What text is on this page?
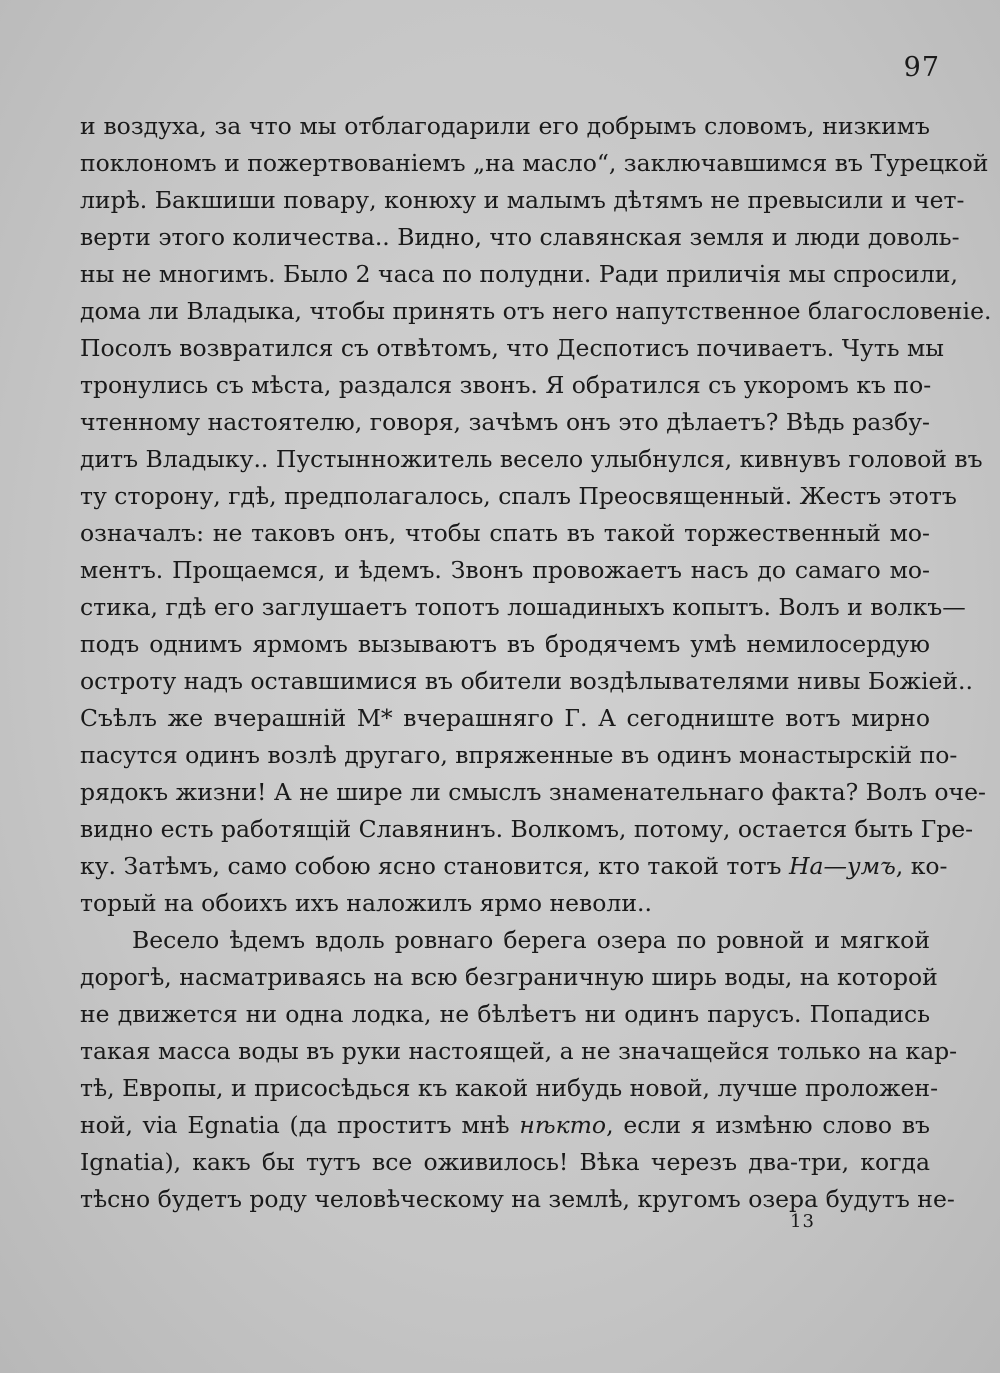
97
и воздуха, за что мы отблагодарили его добрымъ словомъ, низкимъ
поклономъ и пожертвованіемъ „на масло“, заключавшимся въ Турецкой
лирѣ. Бакшиши повару, конюху и малымъ дѣтямъ не превысили и чет-
верти этого количества.. Видно, что славянская земля и люди доволь-
ны не многимъ. Было 2 часа по полудни. Ради приличія мы спросили,
дома ли Владыка, чтобы принять отъ него напутственное благословеніе.
Посолъ возвратился съ отвѣтомъ, что Деспотисъ почиваетъ. Чуть мы
тронулись съ мѣста, раздался звонъ. Я обратился съ укоромъ къ по-
чтенному настоятелю, говоря, зачѣмъ онъ это дѣлаетъ? Вѣдь разбу-
дитъ Владыку.. Пустынножитель весело улыбнулся, кивнувъ головой въ
ту сторону, гдѣ, предполагалось, спалъ Преосвященный. Жестъ этотъ
означалъ: не таковъ онъ, чтобы спать въ такой торжественный мо-
ментъ. Прощаемся, и ѣдемъ. Звонъ провожаетъ насъ до самаго мо-
стика, гдѣ его заглушаетъ топотъ лошадиныхъ копытъ. Волъ и волкъ—
подъ однимъ ярмомъ вызываютъ въ бродячемъ умѣ немилосердую
остроту надъ оставшимися въ обители воздѣлывателями нивы Божіей..
Съѣлъ же вчерашній М* вчерашняго Г. А сегодниште вотъ мирно
пасутся одинъ возлѣ другаго, впряженные въ одинъ монастырскій по-
рядокъ жизни! А не шире ли смыслъ знаменательнаго факта? Волъ оче-
видно есть работящій Славянинъ. Волкомъ, потому, остается быть Гре-
ку. Затѣмъ, само собою ясно становится, кто такой тотъ На—умъ, ко-
торый на обоихъ ихъ наложилъ ярмо неволи..
Весело ѣдемъ вдоль ровнаго берега озера по ровной и мягкой
дорогѣ, насматриваясь на всю безграничную ширь воды, на которой
не движется ни одна лодка, не бѣлѣетъ ни одинъ парусъ. Попадись
такая масса воды въ руки настоящей, а не значащейся только на кар-
тѣ, Европы, и присосѣдься къ какой нибудь новой, лучше проложен-
ной, via Egnatia (да проститъ мнѣ нѣкто, если я измѣню слово въ
Ignatia), какъ бы тутъ все оживилось! Вѣка черезъ два-три, когда
тѣсно будетъ роду человѣческому на землѣ, кругомъ озера будутъ не-
13
